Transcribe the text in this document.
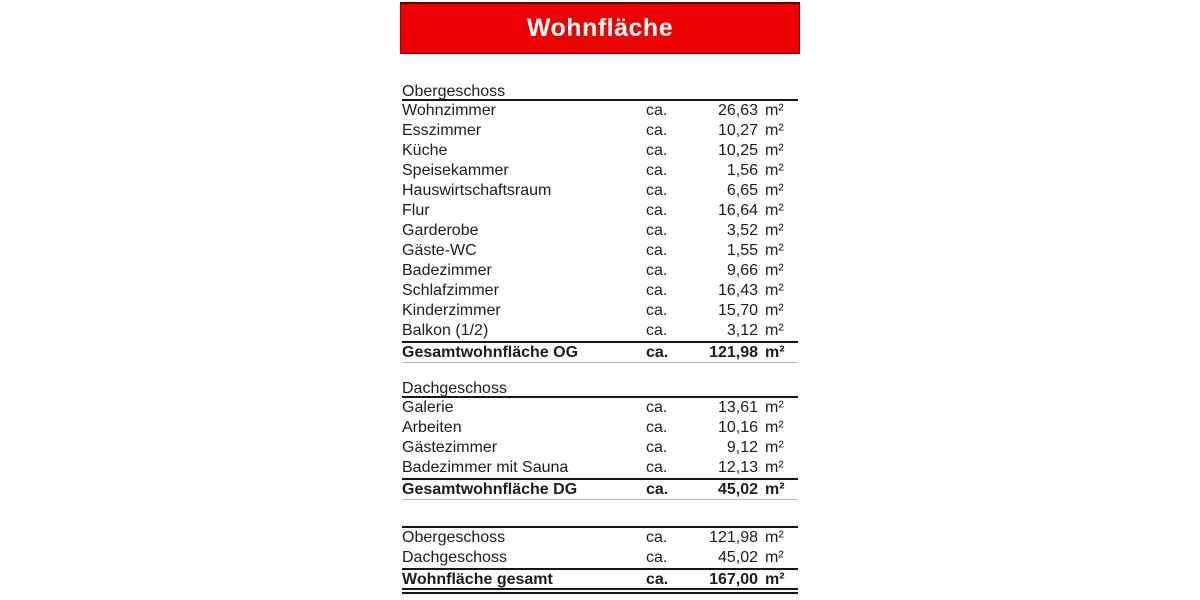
Wohnfläche
Obergeschoss
Wohnzimmer	ca.	26,63 m²
Esszimmer	ca.	10,27 m²
Küche	ca.	10,25 m²
Speisekammer	ca.	1,56 m²
Hauswirtschaftsraum	ca.	6,65 m²
Flur	ca.	16,64 m²
Garderobe	ca.	3,52 m²
Gäste-WC	ca.	1,55 m²
Badezimmer	ca.	9,66 m²
Schlafzimmer	ca.	16,43 m²
Kinderzimmer	ca.	15,70 m²
Balkon (1/2)	ca.	3,12 m²
Gesamtwohnfläche OG	ca.	121,98 m²
Dachgeschoss
Galerie	ca.	13,61 m²
Arbeiten	ca.	10,16 m²
Gästezimmer	ca.	9,12 m²
Badezimmer mit Sauna	ca.	12,13 m²
Gesamtwohnfläche DG	ca.	45,02 m²
Obergeschoss	ca.	121,98 m²
Dachgeschoss	ca.	45,02 m²
Wohnfläche gesamt	ca.	167,00 m²
